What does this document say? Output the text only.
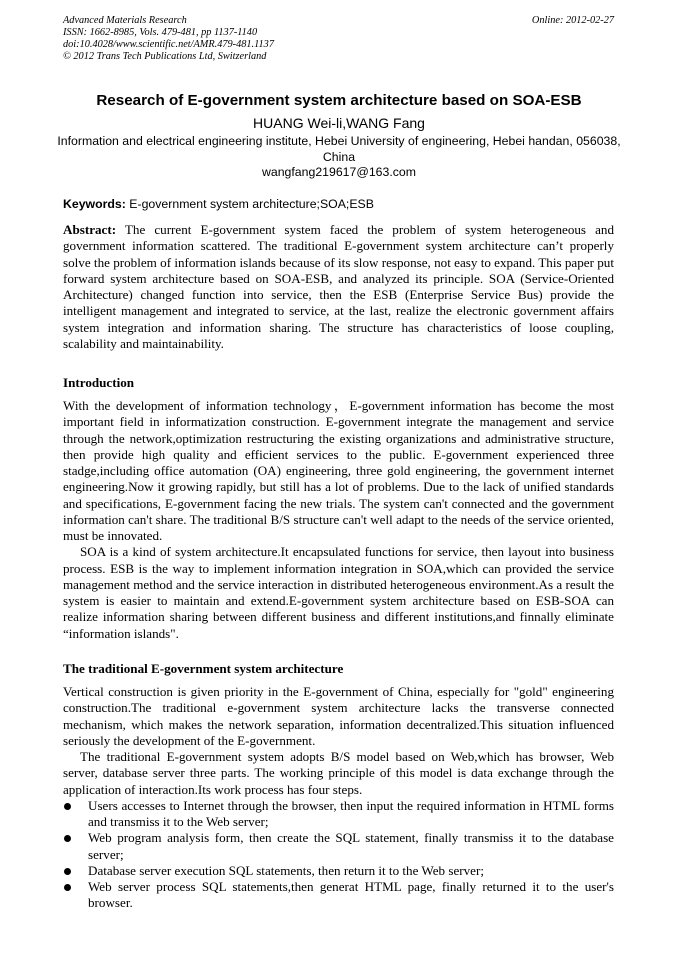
Advanced Materials Research
ISSN: 1662-8985, Vols. 479-481, pp 1137-1140
doi:10.4028/www.scientific.net/AMR.479-481.1137
© 2012 Trans Tech Publications Ltd, Switzerland
Online: 2012-02-27
Research of E-government system architecture based on SOA-ESB
HUANG Wei-li,WANG Fang
Information and electrical engineering institute, Hebei University of engineering, Hebei handan, 056038, China
wangfang219617@163.com
Keywords: E-government system architecture;SOA;ESB

Abstract: The current E-government system faced the problem of system heterogeneous and government information scattered. The traditional E-government system architecture can’t properly solve the problem of information islands because of its slow response, not easy to expand. This paper put forward system architecture based on SOA-ESB, and analyzed its principle. SOA (Service-Oriented Architecture) changed function into service, then the ESB (Enterprise Service Bus) provide the intelligent management and integrated to service, at the last, realize the electronic government affairs system integration and information sharing. The structure has characteristics of loose coupling, scalability and maintainability.

Introduction

With the development of information technology，E-government information has become the most important field in informatization construction. E-government integrate the management and service through the network,optimization restructuring the existing organizations and administrative structure, then provide high quality and efficient services to the public. E-government experienced three stadge,including office automation (OA) engineering, three gold engineering, the government internet engineering.Now it growing rapidly, but still has a lot of problems. Due to the lack of unified standards and specifications, E-government facing the new trials. The system can't connected and the government information can't share. The traditional B/S structure can't well adapt to the needs of the service oriented, must be innovated.

SOA is a kind of system architecture.It encapsulated functions for service, then layout into business process. ESB is the way to implement information integration in SOA,which can provided the service management method and the service interaction in distributed heterogeneous environment.As a result the system is easier to maintain and extend.E-government system architecture based on ESB-SOA can realize information sharing between different business and different institutions,and finnally eliminate “information islands".

The traditional E-government system architecture

Vertical construction is given priority in the E-government of China, especially for "gold" engineering construction.The traditional e-government system architecture lacks the transverse connected mechanism, which makes the network separation, information decentralized.This situation influenced seriously the development of the E-government.

The traditional E-government system adopts B/S model based on Web,which has browser, Web server, database server three parts. The working principle of this model is data exchange through the application of interaction.Its work process has four steps.

Users accesses to Internet through the browser, then input the required information in HTML forms and transmiss it to the Web server;
Web program analysis form, then create the SQL statement, finally transmiss it to the database server;
Database server execution SQL statements, then return it to the Web server;
Web server process SQL statements,then generat HTML page, finally returned it to the user's browser.
